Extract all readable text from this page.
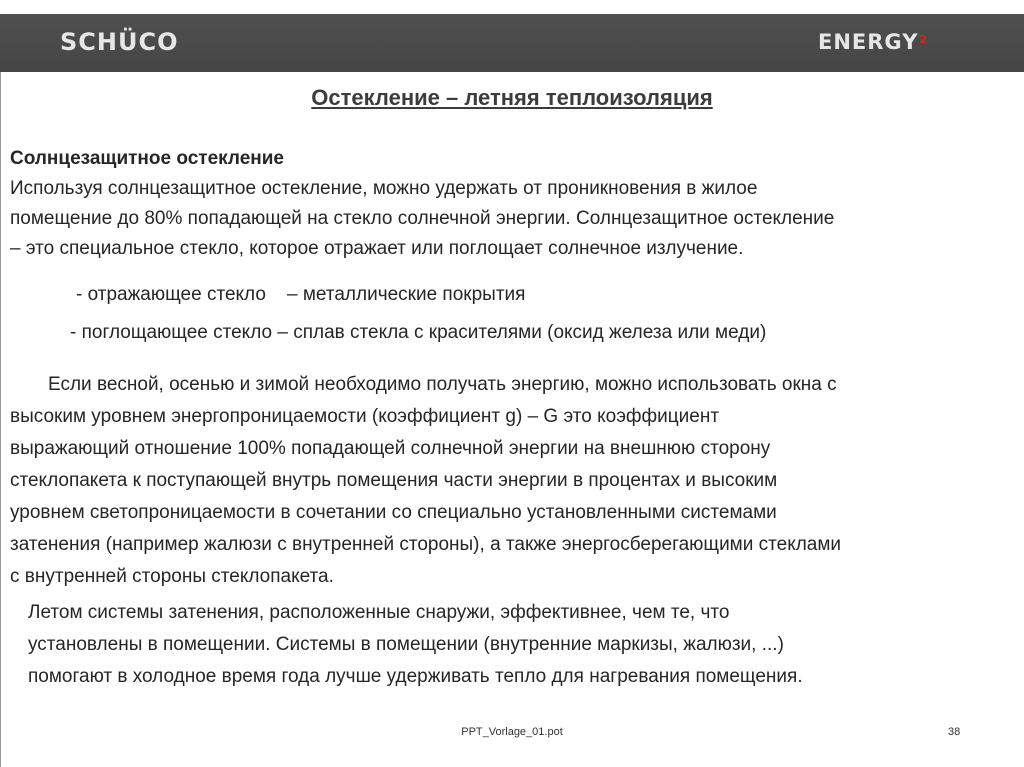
SCHÜCO	ENERGY$^2$
Остекление – летняя теплоизоляция
Солнцезащитное остекление
Используя солнцезащитное остекление, можно удержать от проникновения в жилое
помещение до 80% попадающей на стекло солнечной энергии. Солнцезащитное остекление
– это специальное стекло, которое отражает или поглощает солнечное излучение.
- отражающее стекло    – металлические покрытия
- поглощающее стекло – сплав стекла с красителями (оксид железа или меди)
Если весной, осенью и зимой необходимо получать энергию, можно использовать окна с
высоким уровнем энергопроницаемости (коэффициент g) – G это коэффициент
выражающий отношение 100% попадающей солнечной энергии на внешнюю сторону
стеклопакета к поступающей внутрь помещения части энергии в процентах и высоким
уровнем светопроницаемости в сочетании со специально установленными системами
затенения (например жалюзи с внутренней стороны), а также энергосберегающими стеклами
с внутренней стороны стеклопакета.
Летом системы затенения, расположенные снаружи, эффективнее, чем те, что
установлены в помещении. Системы в помещении (внутренние маркизы, жалюзи, ...)
помогают в холодное время года лучше удерживать тепло для нагревания помещения.
PPT_Vorlage_01.pot	38
